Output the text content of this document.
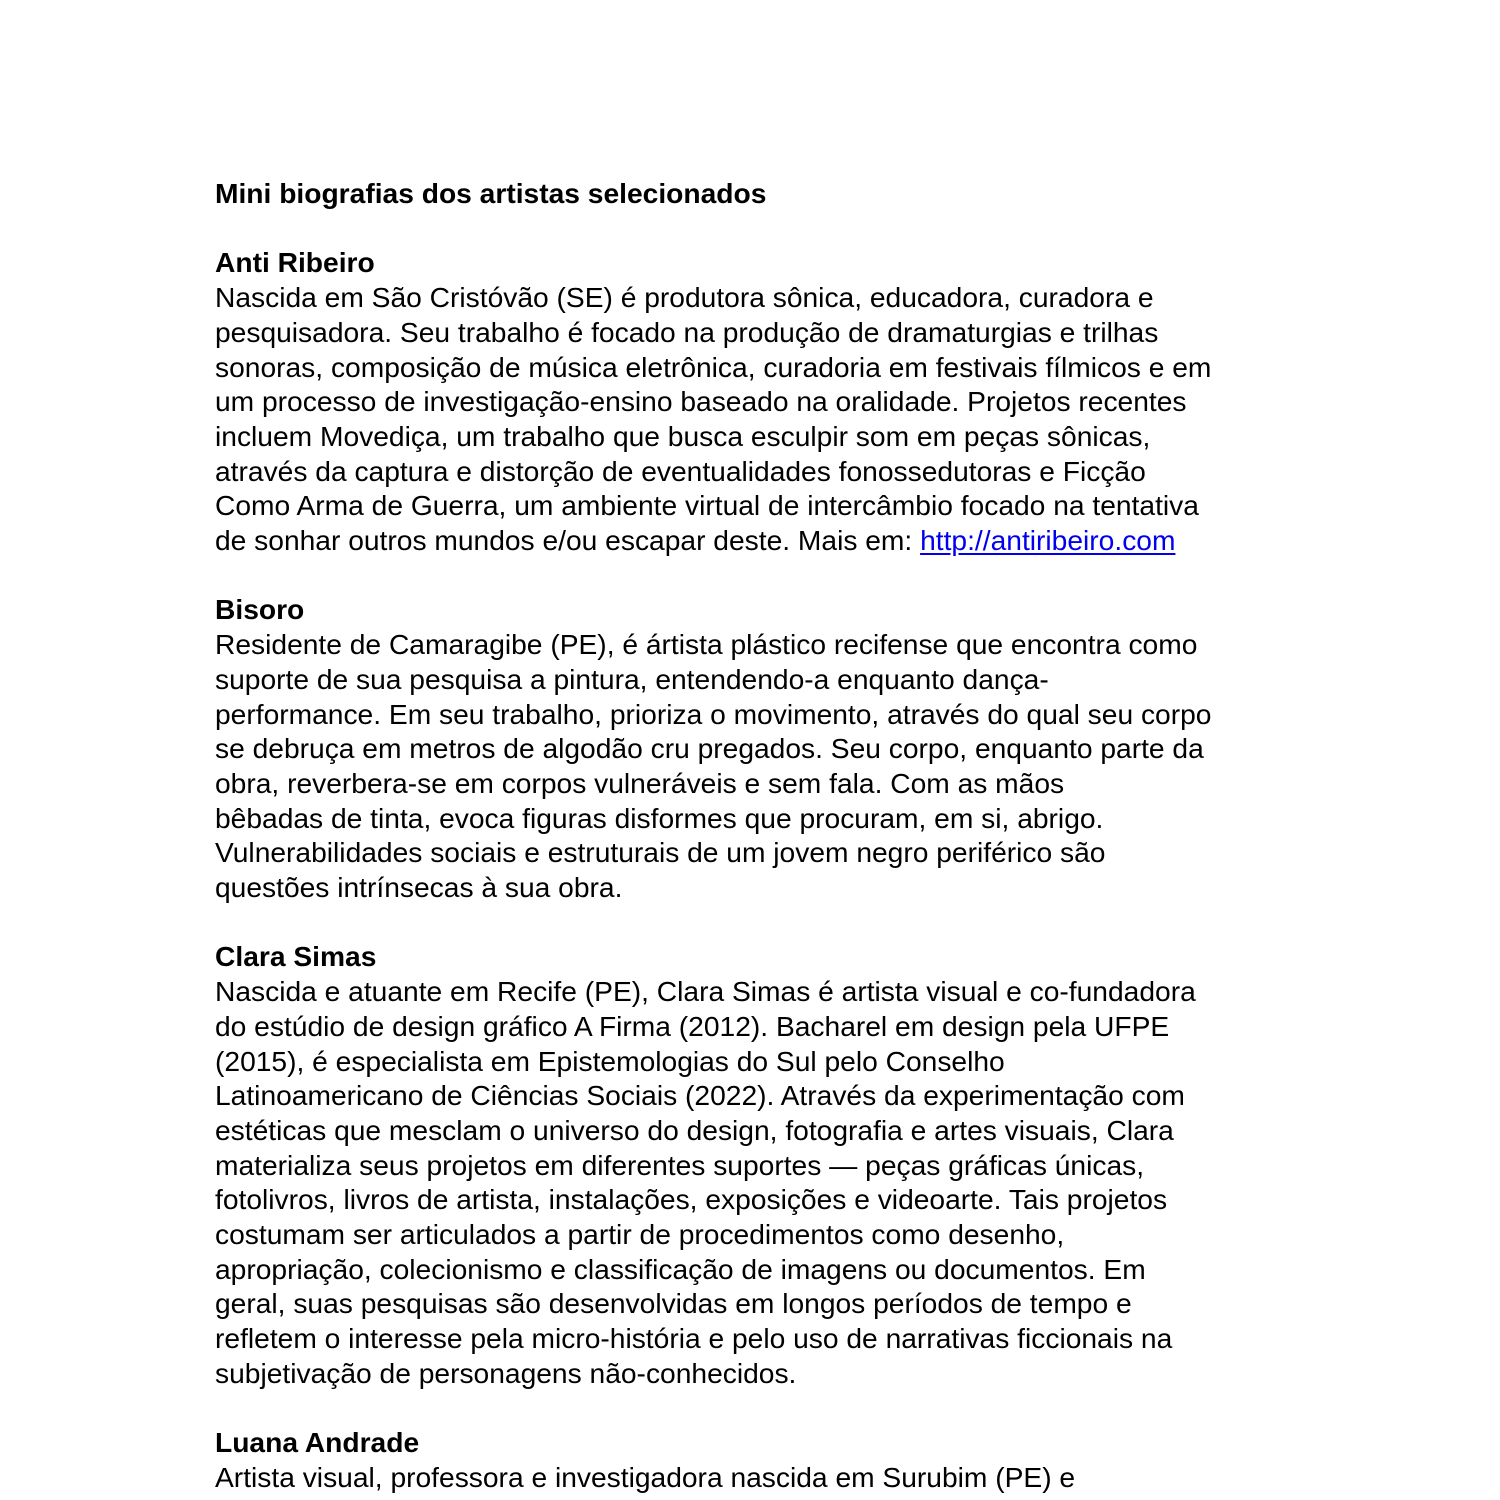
Mini biografias dos artistas selecionados

Anti Ribeiro

Nascida em São Cristóvão (SE) é produtora sônica, educadora, curadora e

pesquisadora. Seu trabalho é focado na produção de dramaturgias e trilhas

sonoras, composição de música eletrônica, curadoria em festivais fílmicos e em

um processo de investigação-ensino baseado na oralidade. Projetos recentes

incluem Movediça, um trabalho que busca esculpir som em peças sônicas,

através da captura e distorção de eventualidades fonossedutoras e Ficção

Como Arma de Guerra, um ambiente virtual de intercâmbio focado na tentativa

de sonhar outros mundos e/ou escapar deste. Mais em: http://antiribeiro.com

Bisoro

Residente de Camaragibe (PE), é ártista plástico recifense que encontra como

suporte de sua pesquisa a pintura, entendendo-a enquanto dança-

performance. Em seu trabalho, prioriza o movimento, através do qual seu corpo

se debruça em metros de algodão cru pregados. Seu corpo, enquanto parte da

obra, reverbera-se em corpos vulneráveis e sem fala. Com as mãos

bêbadas de tinta, evoca figuras disformes que procuram, em si, abrigo.

Vulnerabilidades sociais e estruturais de um jovem negro periférico são

questões intrínsecas à sua obra.

Clara Simas

Nascida e atuante em Recife (PE), Clara Simas é artista visual e co-fundadora

do estúdio de design gráfico A Firma (2012). Bacharel em design pela UFPE

(2015), é especialista em Epistemologias do Sul pelo Conselho

Latinoamericano de Ciências Sociais (2022). Através da experimentação com

estéticas que mesclam o universo do design, fotografia e artes visuais, Clara

materializa seus projetos em diferentes suportes — peças gráficas únicas,

fotolivros, livros de artista, instalações, exposições e videoarte. Tais projetos

costumam ser articulados a partir de procedimentos como desenho,

apropriação, colecionismo e classificação de imagens ou documentos. Em

geral, suas pesquisas são desenvolvidas em longos períodos de tempo e

refletem o interesse pela micro-história e pelo uso de narrativas ficcionais na

subjetivação de personagens não-conhecidos.

Luana Andrade

Artista visual, professora e investigadora nascida em Surubim (PE) e
